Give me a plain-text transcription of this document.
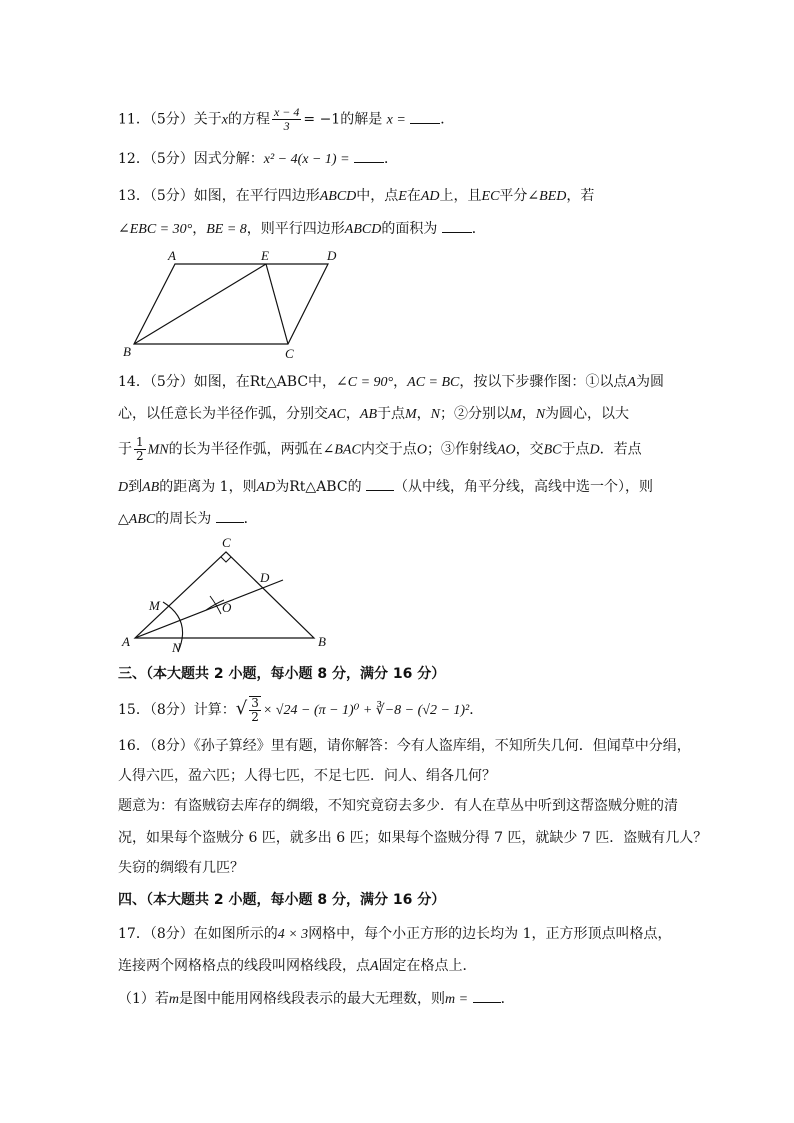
11．（5分）关于x的方程 $\frac{x - 4}{3} = -1$的解是 x = ．
12．（5分）因式分解：x² − 4(x − 1) = ．
13．（5分）如图，在平行四边形ABCD中，点E在AD上，且EC平分∠BED，若
∠EBC = 30°，BE = 8，则平行四边形ABCD的面积为 ．
A	E	D
B	C
14．（5分）如图，在Rt△ABC中，∠C = 90°，AC = BC，按以下步骤作图：①以点A为圆
心，以任意长为半径作弧，分别交AC，AB于点M，N；②分别以M，N为圆心，以大
于 $\frac{1}{2}$ MN的长为半径作弧，两弧在∠BAC内交于点O；③作射线AO，交BC于点D．若点
D到AB的距离为 1，则AD为Rt△ABC的 （从中线，角平分线，高线中选一个），则
△ABC的周长为 ．
C
D
M	O
A	N	B
三、（本大题共 2 小题，每小题 8 分，满分 16 分）
15．（8分）计算：√ $\frac{3}{2} \times √24 - (\pi - 1)^0$ + ∛−8 − (√2 − 1)²．
16．（8分）《孙子算经》里有题，请你解答：今有人盗库绢，不知所失几何．但闻草中分绢，
人得六匹，盈六匹；人得七匹，不足七匹．问人、绢各几何？
题意为：有盗贼窃去库存的绸缎，不知究竟窃去多少．有人在草丛中听到这帮盗贼分赃的清
况，如果每个盗贼分 6 匹，就多出 6 匹；如果每个盗贼分得 7 匹，就缺少 7 匹．盗贼有几人？
失窃的绸缎有几匹？
四、（本大题共 2 小题，每小题 8 分，满分 16 分）
17．（8分）在如图所示的4 × 3网格中，每个小正方形的边长均为 1，正方形顶点叫格点，
连接两个网格格点的线段叫网格线段，点A固定在格点上．
（1）若m是图中能用网格线段表示的最大无理数，则m = ．
